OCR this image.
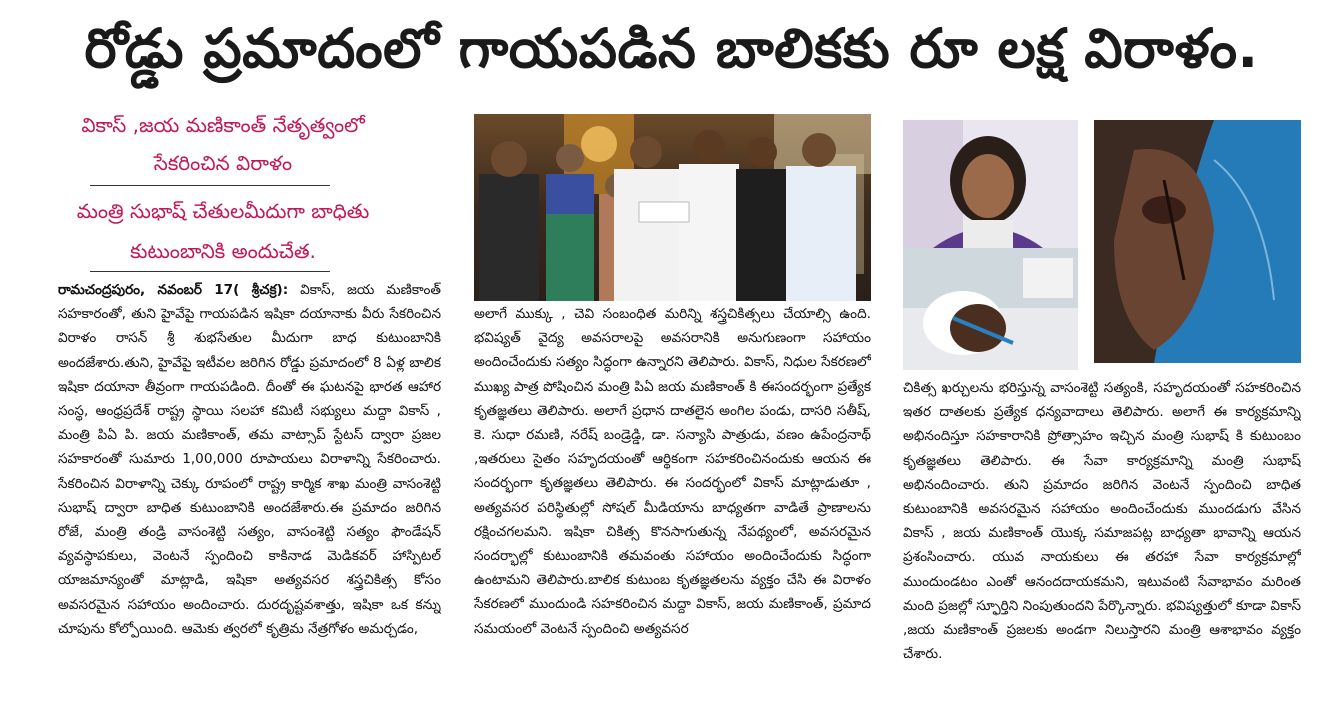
రోడ్డు ప్రమాదంలో గాయపడిన బాలికకు రూ లక్ష విరాళం.
వికాస్ ,జయ మణికాంత్ నేతృత్వంలో
సేకరించిన విరాళం
మంత్రి సుభాష్ చేతులమీదుగా బాధితు
కుటుంబానికి అందుచేత.

రామచంద్రపురం, నవంబర్ 17( శ్రీచక్ర): వికాస్, జయ మణికాంత్ సహకారంతో, తుని హైవేపై గాయపడిన ఇషికా దయానాకు వీరు సేకరించిన విరాళం రాసన్ శ్రీ శుభసేతుల మీదుగా బాధ కుటుంబానికి అందజేశారు.తుని, హైవేపై ఇటీవల జరిగిన రోడ్డు ప్రమాదంలో 8 ఏళ్ల బాలిక ఇషికా దయానా తీవ్రంగా గాయపడింది. దీంతో ఈ ఘటనపై భారత ఆహార సంస్థ, ఆంధ్రప్రదేశ్ రాష్ట్ర స్థాయి సలహా కమిటీ సభ్యులు మద్దా వికాస్ , మంత్రి పిఏ పి. జయ మణికాంత్, తమ వాట్సాప్ స్టేటస్ ద్వారా ప్రజల సహకారంతో సుమారు 1,00,000 రూపాయలు విరాళాన్ని సేకరించారు. సేకరించిన విరాళాన్ని చెక్కు రూపంలో రాష్ట్ర కార్మిక శాఖ మంత్రి వాసంశెట్టి సుభాష్ ద్వారా బాధిత కుటుంబానికి అందజేశారు.ఈ ప్రమాదం జరిగిన రోజే, మంత్రి తండ్రి వాసంశెట్టి సత్యం, వాసంశెట్టి సత్యం ఫౌండేషన్ వ్యవస్థాపకులు, వెంటనే స్పందించి కాకినాడ మెడికవర్ హాస్పిటల్ యాజమాన్యంతో మాట్లాడి, ఇషికా అత్యవసర శస్త్రచికిత్స కోసం అవసరమైన సహాయం అందించారు. దురదృష్టవశాత్తు, ఇషికా ఒక కన్ను చూపును కోల్పోయింది. ఆమెకు త్వరలో కృత్రిమ నేత్రగోళం అమర్చడం,

అలాగే ముక్కు , చెవి సంబంధిత మరిన్ని శస్త్రచికిత్సలు చేయాల్సి ఉంది. భవిష్యత్ వైద్య అవసరాలపై అవసరానికి అనుగుణంగా సహాయం అందించేందుకు సత్యం సిద్ధంగా ఉన్నారని తెలిపారు. వికాస్, నిధుల సేకరణలో ముఖ్య పాత్ర పోషించిన మంత్రి పిఏ జయ మణికాంత్ కి ఈసందర్భంగా ప్రత్యేక కృతజ్ఞతలు తెలిపారు. అలాగే ప్రధాన దాతలైన అంగిల పండు, దాసరి సతీష్, కె. సుధా రమణి, నరేష్ బండ్రెడ్డి, డా. సన్యాసి పాత్రుడు, వణం ఉపేంద్రనాథ్ ,ఇతరులు సైతం సహృదయంతో ఆర్థికంగా సహకరించినందుకు ఆయన ఈ సందర్భంగా కృతజ్ఞతలు తెలిపారు. ఈ సందర్భంలో వికాస్ మాట్లాడుతూ , అత్యవసర పరిస్థితుల్లో సోషల్ మీడియాను బాధ్యతగా వాడితే ప్రాణాలను రక్షించగలమని. ఇషికా చికిత్స కొనసాగుతున్న నేపథ్యంలో, అవసరమైన సందర్భాల్లో కుటుంబానికి తమవంతు సహాయం అందించేందుకు సిద్ధంగా ఉంటామని తెలిపారు.బాలిక కుటుంబ కృతజ్ఞతలను వ్యక్తం చేసి ఈ విరాళం సేకరణలో ముందుండి సహకరించిన మద్దా వికాస్, జయ మణికాంత్, ప్రమాద సమయంలో వెంటనే స్పందించి అత్యవసర

చికిత్స ఖర్చులను భరిస్తున్న వాసంశెట్టి సత్యంకి, సహృదయంతో సహకరించిన ఇతర దాతలకు ప్రత్యేక ధన్యవాదాలు తెలిపారు. అలాగే ఈ కార్యక్రమాన్ని అభినందిస్తూ సహకారానికి ప్రోత్సాహం ఇచ్చిన మంత్రి సుభాష్ కి కుటుంబం కృతజ్ఞతలు తెలిపారు. ఈ సేవా కార్యక్రమాన్ని మంత్రి సుభాష్ అభినందించారు. తుని ప్రమాదం జరిగిన వెంటనే స్పందించి బాధిత కుటుంబానికి అవసరమైన సహాయం అందించేందుకు ముందడుగు వేసిన వికాస్ , జయ మణికాంత్ యొక్క సమాజపట్ల బాధ్యతా భావాన్ని ఆయన ప్రశంసించారు. యువ నాయకులు ఈ తరహా సేవా కార్యక్రమాల్లో ముందుండటం ఎంతో ఆనందదాయకమని, ఇటువంటి సేవాభావం మరింత మంది ప్రజల్లో స్ఫూర్తిని నింపుతుందని పేర్కొన్నారు. భవిష్యత్తులో కూడా వికాస్ ,జయ మణికాంత్ ప్రజలకు అండగా నిలుస్తారని మంత్రి ఆశాభావం వ్యక్తం చేశారు.
